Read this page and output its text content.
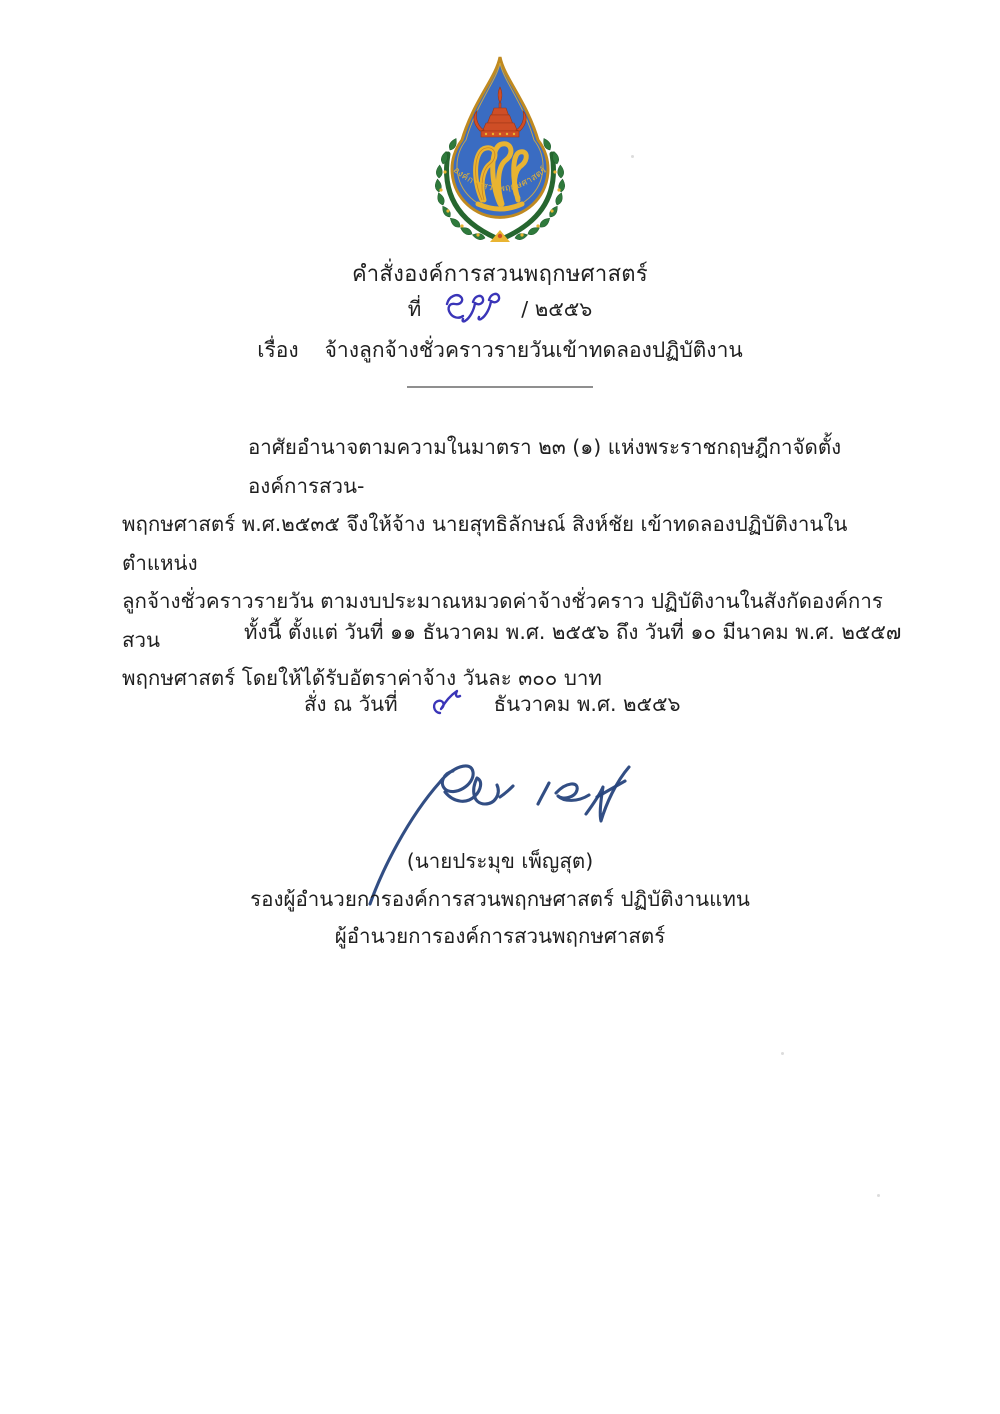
องค์การสวนพฤกษศาสตร์
คำสั่งองค์การสวนพฤกษศาสตร์
ที่	/ ๒๕๕๖
เรื่อง จ้างลูกจ้างชั่วคราวรายวันเข้าทดลองปฏิบัติงาน
อาศัยอำนาจตามความในมาตรา ๒๓ (๑) แห่งพระราชกฤษฎีกาจัดตั้งองค์การสวน-
พฤกษศาสตร์ พ.ศ.๒๕๓๕ จึงให้จ้าง นายสุทธิลักษณ์ สิงห์ชัย เข้าทดลองปฏิบัติงานในตำแหน่ง
ลูกจ้างชั่วคราวรายวัน ตามงบประมาณหมวดค่าจ้างชั่วคราว ปฏิบัติงานในสังกัดองค์การสวน
พฤกษศาสตร์ โดยให้ได้รับอัตราค่าจ้าง วันละ ๓๐๐ บาท
ทั้งนี้ ตั้งแต่ วันที่ ๑๑ ธันวาคม พ.ศ. ๒๕๕๖ ถึง วันที่ ๑๐ มีนาคม พ.ศ. ๒๕๕๗
สั่ง ณ วันที่	ธันวาคม พ.ศ. ๒๕๕๖
(นายประมุข เพ็ญสุต)
รองผู้อำนวยการองค์การสวนพฤกษศาสตร์ ปฏิบัติงานแทน
ผู้อำนวยการองค์การสวนพฤกษศาสตร์
